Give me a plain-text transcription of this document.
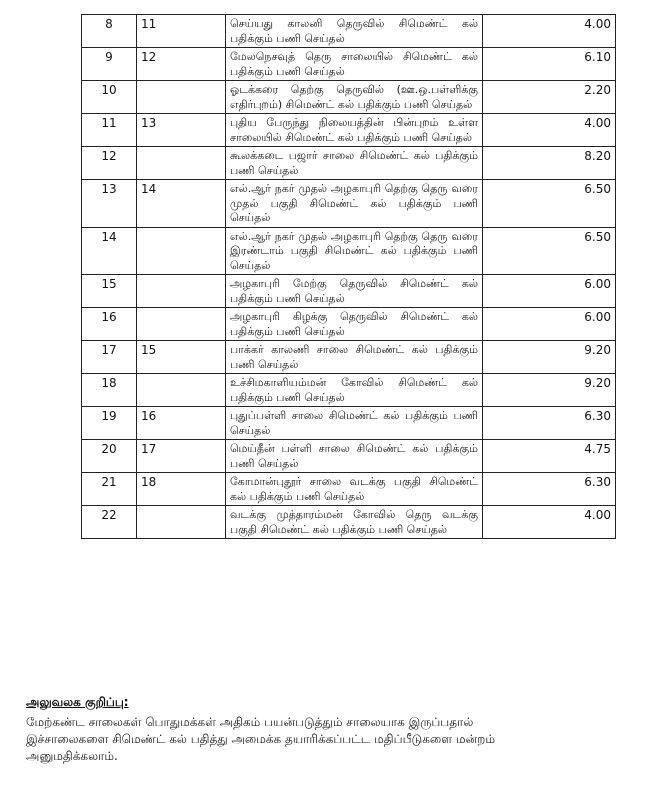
8	11	செய்யது காலனி தெருவில் சிமெண்ட் கல் பதிக்கும் பணி செய்தல்	4.00
9	12	மேலநெசவுத் தெரு சாலையில் சிமெண்ட் கல் பதிக்கும் பணி செய்தல்	6.10
10		ஓடக்கரை தெற்கு தெருவில் (ஊ.ஒ.பள்ளிக்கு எதிர்புறம்) சிமெண்ட் கல் பதிக்கும் பணி செய்தல்	2.20
11	13	புதிய பேருந்து நிலையத்தின் பின்புறம் உள்ள சாலையில் சிமெண்ட் கல் பதிக்கும் பணி செய்தல்	4.00
12		கூலக்கடை பஜார் சாலை சிமெண்ட் கல் பதிக்கும் பணி செய்தல்	8.20
13	14	எல்.ஆர் நகர் முதல் அழகாபுரி தெற்கு தெரு வரை முதல் பகுதி சிமெண்ட் கல் பதிக்கும் பணி செய்தல்	6.50
14		எல்.ஆர் நகர் முதல் அழகாபுரி தெற்கு தெரு வரை இரண்டாம் பகுதி சிமெண்ட் கல் பதிக்கும் பணி செய்தல்	6.50
15		அழகாபுரி மேற்கு தெருவில் சிமெண்ட் கல் பதிக்கும் பணி செய்தல்	6.00
16		அழகாபுரி கிழக்கு தெருவில் சிமெண்ட் கல் பதிக்கும் பணி செய்தல்	6.00
17	15	பாக்கர் காலணி சாலை சிமெண்ட் கல் பதிக்கும் பணி செய்தல்	9.20
18		உச்சிமகாளியம்மன் கோவில் சிமெண்ட் கல் பதிக்கும் பணி செய்தல்	9.20
19	16	புதுப்பள்ளி சாலை சிமெண்ட் கல் பதிக்கும் பணி செய்தல்	6.30
20	17	மெய்தீன் பள்ளி சாலை சிமெண்ட் கல் பதிக்கும் பணி செய்தல்	4.75
21	18	கோமான்புதூர் சாலை வடக்கு பகுதி சிமெண்ட் கல் பதிக்கும் பணி செய்தல்	6.30
22		வடக்கு முத்தாரம்மன் கோவில் தெரு வடக்கு பகுதி சிமெண்ட் கல் பதிக்கும் பணி செய்தல்	4.00
அலுவலக குறிப்பு:
மேற்கண்ட சாலைகள் பொதுமக்கள் அதிகம் பயன்படுத்தும் சாலையாக இருப்பதால்
இச்சாலைகளை சிமெண்ட் கல் பதித்து அமைக்க தயாரிக்கப்பட்ட மதிப்பீடுகளை மன்றம்
அனுமதிக்கலாம்.
